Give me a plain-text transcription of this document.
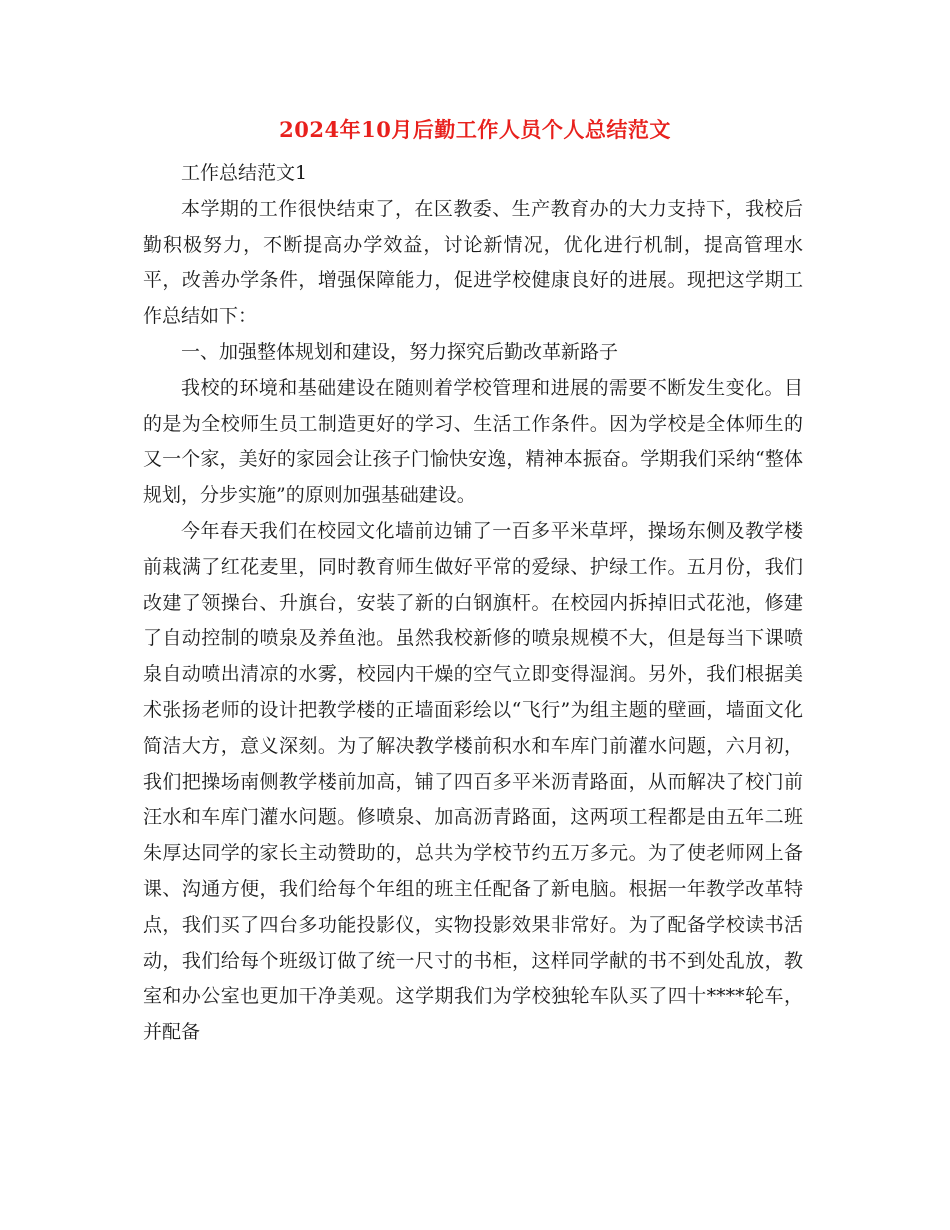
2024年10月后勤工作人员个人总结范文

工作总结范文1

本学期的工作很快结束了，在区教委、生产教育办的大力支持下，我校后勤积极努力，不断提高办学效益，讨论新情况，优化进行机制，提高管理水平，改善办学条件，增强保障能力，促进学校健康良好的进展。现把这学期工作总结如下：

一、加强整体规划和建设，努力探究后勤改革新路子

我校的环境和基础建设在随则着学校管理和进展的需要不断发生变化。目的是为全校师生员工制造更好的学习、生活工作条件。因为学校是全体师生的又一个家，美好的家园会让孩子门愉快安逸，精神本振奋。学期我们采纳“整体规划，分步实施”的原则加强基础建设。

今年春天我们在校园文化墙前边铺了一百多平米草坪，操场东侧及教学楼前栽满了红花麦里，同时教育师生做好平常的爱绿、护绿工作。五月份，我们改建了领操台、升旗台，安装了新的白钢旗杆。在校园内拆掉旧式花池，修建了自动控制的喷泉及养鱼池。虽然我校新修的喷泉规模不大，但是每当下课喷泉自动喷出清凉的水雾，校园内干燥的空气立即变得湿润。另外，我们根据美术张扬老师的设计把教学楼的正墙面彩绘以“飞行”为组主题的壁画，墙面文化简洁大方，意义深刻。为了解决教学楼前积水和车库门前灌水问题，六月初，我们把操场南侧教学楼前加高，铺了四百多平米沥青路面，从而解决了校门前汪水和车库门灌水问题。修喷泉、加高沥青路面，这两项工程都是由五年二班朱厚达同学的家长主动赞助的，总共为学校节约五万多元。为了使老师网上备课、沟通方便，我们给每个年组的班主任配备了新电脑。根据一年教学改革特点，我们买了四台多功能投影仪，实物投影效果非常好。为了配备学校读书活动，我们给每个班级订做了统一尺寸的书柜，这样同学献的书不到处乱放，教室和办公室也更加干净美观。这学期我们为学校独轮车队买了四十****轮车，并配备
